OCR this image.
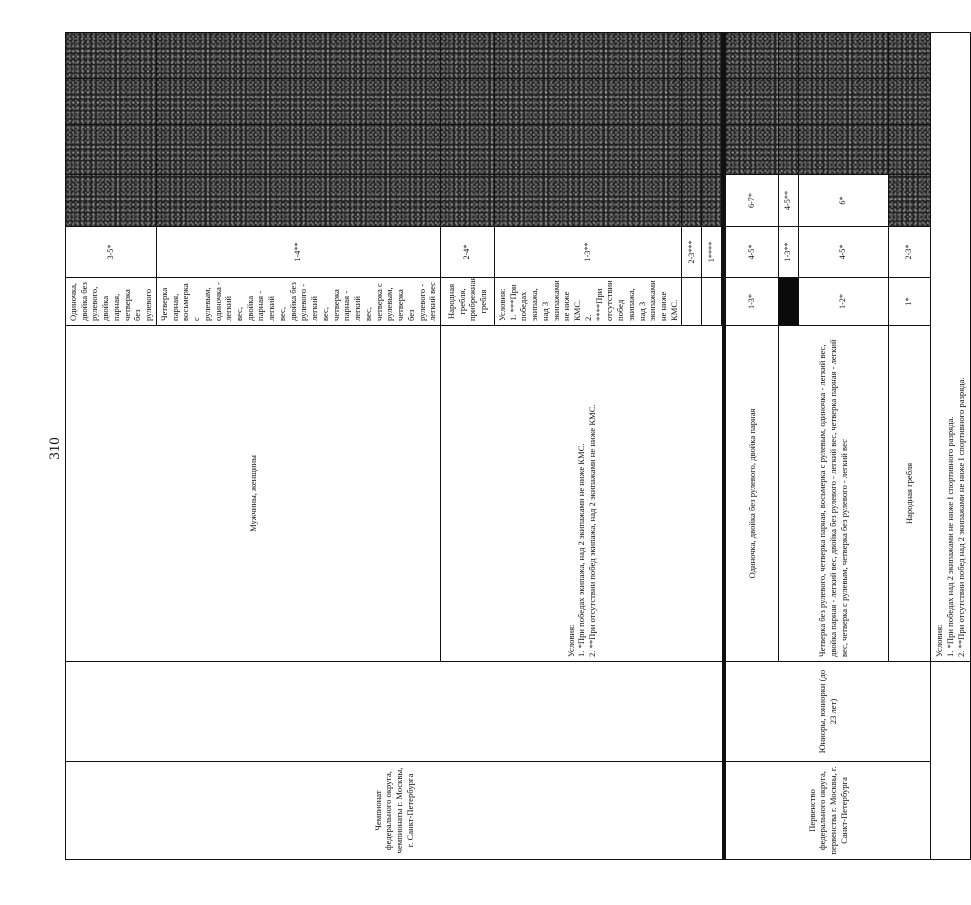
310
Чемпионат федерального округа, чемпионаты г. Москвы, г. Санкт-Петербурга		Мужчины, женщины	Одиночка, двойка без рулевого, двойка парная, четверка без рулевого	3-5*				
			Четверка парная, восьмерка с рулевым, одиночка - легкий вес, двойка парная - легкий вес, двойка без рулевого - легкий вес, четверка парная - легкий вес, четверка с рулевым, четверка без рулевого - легкий вес	1-4**				

		Условия: 1. *При победах экипажа, над 2 экипажами не ниже КМС. 2. **При отсутствии побед экипажа, над 2 экипажами не ниже КМС.	Народная гребля, прибрежная гребля	2-4*				

			Условия: 1. ***При победах экипажа, над 3 экипажами не ниже КМС. 2. ****При отсутствии побед экипажа, над 3 экипажами не ниже КМС.	1-3**				
				2-3***				
				1****				

Первенство федерального округа, первенства г. Москвы, г. Санкт-Петербурга	Юниоры, юниорки (до 23 лет)	Одиночка, двойка без рулевого, двойка парная	1-3*	4-5*	6-7*			

		Четверка без рулевого, четверка парная, восьмерка с рулевым, одиночка - легкий вес, двойка парная - легкий вес, двойка без рулевого - легкий вес, четверка парная - легкий вес, четверка с рулевым, четверка без рулевого - легкий вес		1-3**	4-5**			
			1-2*	4-5*	6*			
		Народная гребля	1*	2-3*				

		Условия: 1. *При победах над 2 экипажами не ниже I спортивного разряда. 2. **При отсутствии побед над 2 экипажами не ниже I спортивного разряда.						
